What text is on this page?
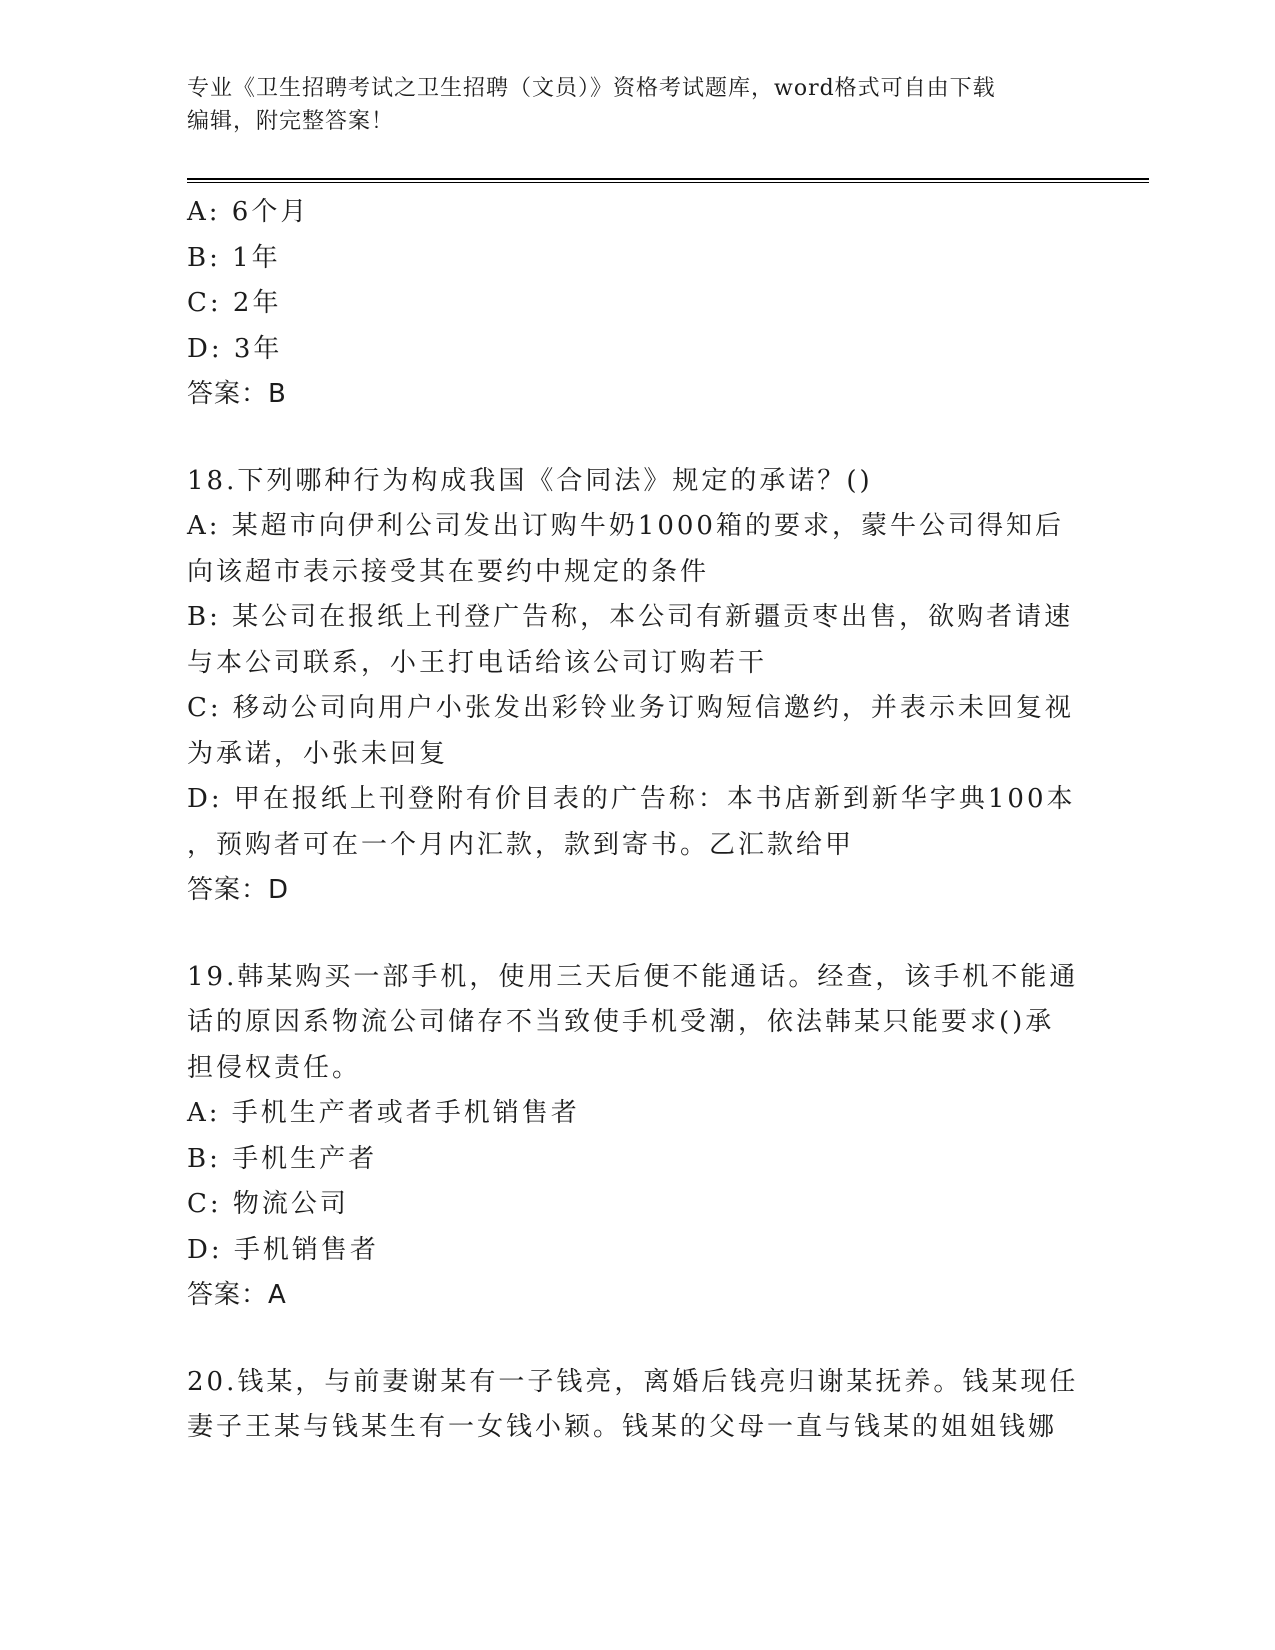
专业《卫生招聘考试之卫生招聘（文员）》资格考试题库，word格式可自由下载
编辑，附完整答案！
A: 6个月
B: 1年
C: 2年
D: 3年
答案：B
18.下列哪种行为构成我国《合同法》规定的承诺？()
A: 某超市向伊利公司发出订购牛奶1000箱的要求，蒙牛公司得知后
向该超市表示接受其在要约中规定的条件
B: 某公司在报纸上刊登广告称，本公司有新疆贡枣出售，欲购者请速
与本公司联系，小王打电话给该公司订购若干
C: 移动公司向用户小张发出彩铃业务订购短信邀约，并表示未回复视
为承诺，小张未回复
D: 甲在报纸上刊登附有价目表的广告称：本书店新到新华字典100本
，预购者可在一个月内汇款，款到寄书。乙汇款给甲
答案：D
19.韩某购买一部手机，使用三天后便不能通话。经查，该手机不能通
话的原因系物流公司储存不当致使手机受潮，依法韩某只能要求()承
担侵权责任。
A: 手机生产者或者手机销售者
B: 手机生产者
C: 物流公司
D: 手机销售者
答案：A
20.钱某，与前妻谢某有一子钱亮，离婚后钱亮归谢某抚养。钱某现任
妻子王某与钱某生有一女钱小颖。钱某的父母一直与钱某的姐姐钱娜
